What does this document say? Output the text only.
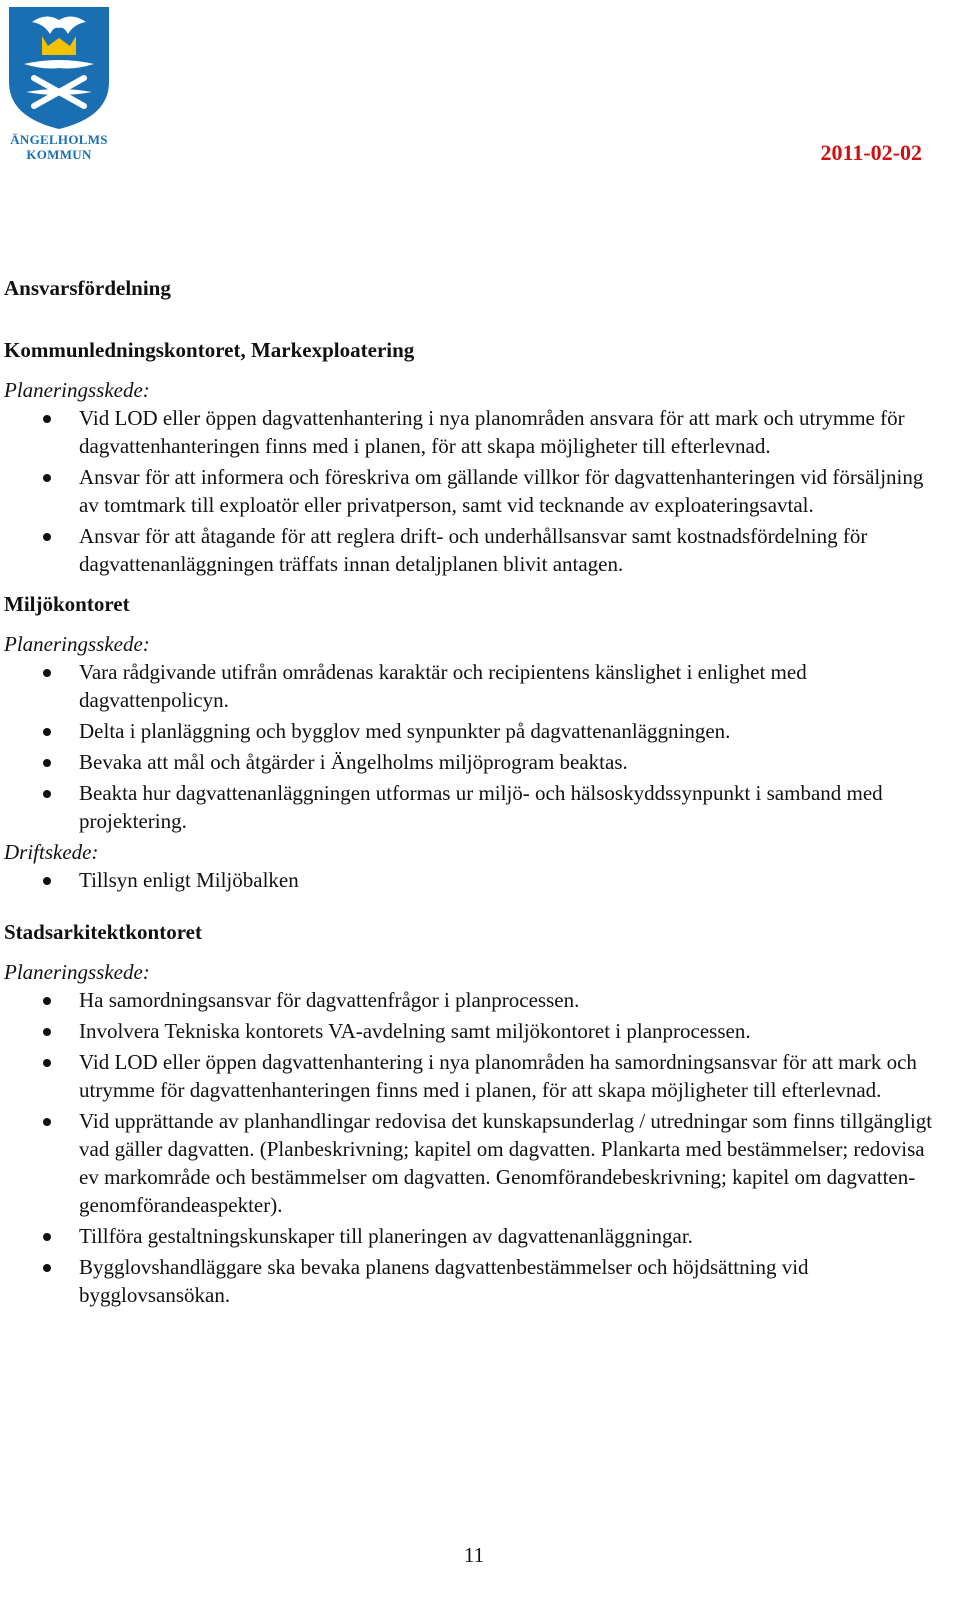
ÄNGELHOLMS
KOMMUN	2011-02-02

Ansvarsfördelning

Kommunledningskontoret, Markexploatering

Planeringsskede:

Vid LOD eller öppen dagvattenhantering i nya planområden ansvara för att mark och utrymme för dagvattenhanteringen finns med i planen, för att skapa möjligheter till efterlevnad.
Ansvar för att informera och föreskriva om gällande villkor för dagvattenhanteringen vid försäljning av tomtmark till exploatör eller privatperson, samt vid tecknande av exploateringsavtal.
Ansvar för att åtagande för att reglera drift- och underhållsansvar samt kostnadsfördelning för dagvattenanläggningen träffats innan detaljplanen blivit antagen.

Miljökontoret

Planeringsskede:

Vara rådgivande utifrån områdenas karaktär och recipientens känslighet i enlighet med dagvattenpolicyn.
Delta i planläggning och bygglov med synpunkter på dagvattenanläggningen.
Bevaka att mål och åtgärder i Ängelholms miljöprogram beaktas.
Beakta hur dagvattenanläggningen utformas ur miljö- och hälsoskyddssynpunkt i samband med projektering.

Driftskede:

Tillsyn enligt Miljöbalken

Stadsarkitektkontoret

Planeringsskede:

Ha samordningsansvar för dagvattenfrågor i planprocessen.
Involvera Tekniska kontorets VA-avdelning samt miljökontoret i planprocessen.
Vid LOD eller öppen dagvattenhantering i nya planområden ha samordningsansvar för att mark och utrymme för dagvattenhanteringen finns med i planen, för att skapa möjligheter till efterlevnad.
Vid upprättande av planhandlingar redovisa det kunskapsunderlag / utredningar som finns tillgängligt vad gäller dagvatten. (Planbeskrivning; kapitel om dagvatten. Plankarta med bestämmelser; redovisa ev markområde och bestämmelser om dagvatten. Genomförandebeskrivning; kapitel om dagvatten-genomförandeaspekter).
Tillföra gestaltningskunskaper till planeringen av dagvattenanläggningar.
Bygglovshandläggare ska bevaka planens dagvattenbestämmelser och höjdsättning vid bygglovsansökan.
11
